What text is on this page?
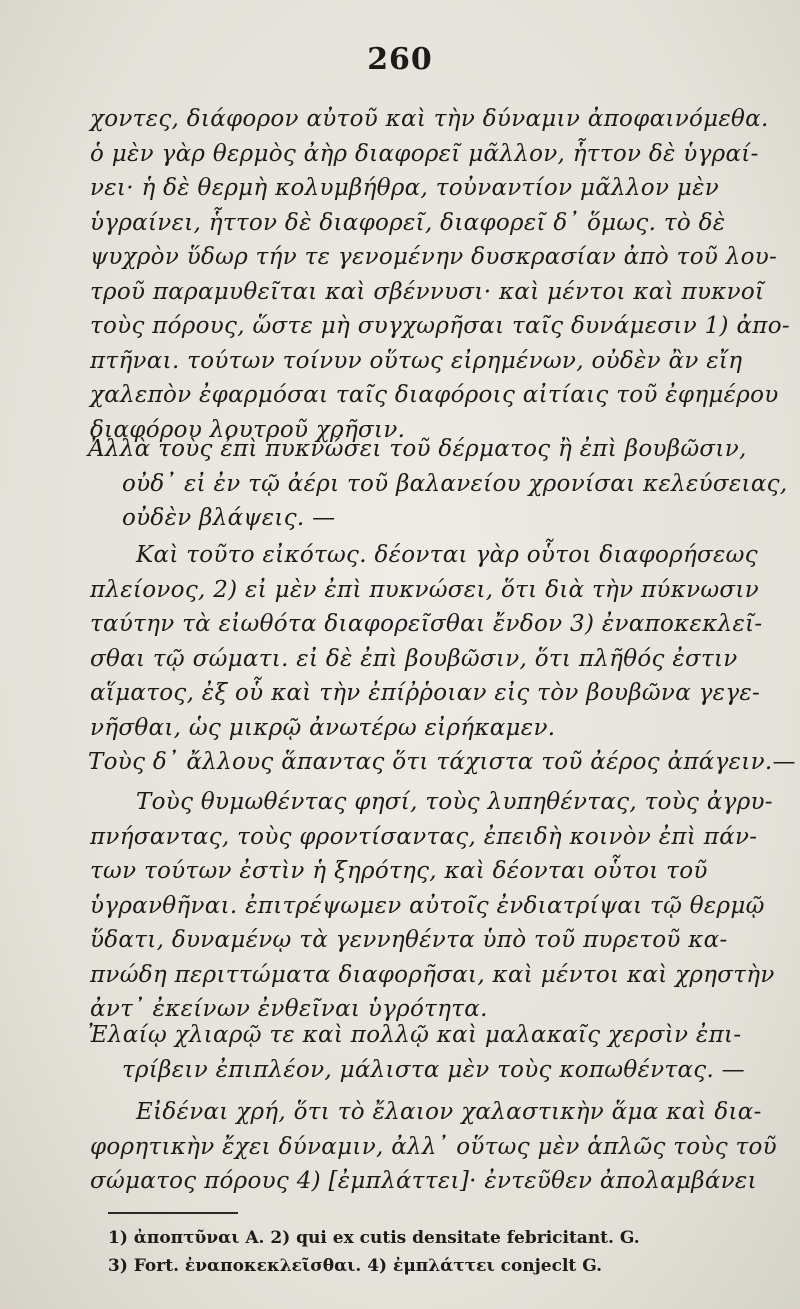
260
χοντες, διάφορον αὐτοῦ καὶ τὴν δύναμιν ἀποφαινόμεθα.
ὁ μὲν γὰρ θερμὸς ἀὴρ διαφορεῖ μᾶλλον, ἧττον δὲ ὑγραί-
νει· ἡ δὲ θερμὴ κολυμβήθρα, τοὐναντίον μᾶλλον μὲν
ὑγραίνει, ἧττον δὲ διαφορεῖ, διαφορεῖ δ᾽ ὅμως. τὸ δὲ
ψυχρὸν ὕδωρ τήν τε γενομένην δυσκρασίαν ἀπὸ τοῦ λου-
τροῦ παραμυθεῖται καὶ σβέννυσι· καὶ μέντοι καὶ πυκνοῖ
τοὺς πόρους, ὥστε μὴ συγχωρῆσαι ταῖς δυνάμεσιν 1) ἀπο-
πτῆναι. τούτων τοίνυν οὕτως εἰρημένων, οὐδὲν ἂν εἴη
χαλεπὸν ἐφαρμόσαι ταῖς διαφόροις αἰτίαις τοῦ ἐφημέρου
διαφόρου λουτροῦ χρῆσιν.
Ἀλλὰ τοὺς ἐπὶ πυκνώσει τοῦ δέρματος ἢ ἐπὶ βουβῶσιν,
οὐδ᾽ εἰ ἐν τῷ ἀέρι τοῦ βαλανείου χρονίσαι κελεύσειας,
οὐδὲν βλάψεις. —
Καὶ τοῦτο εἰκότως. δέονται γὰρ οὗτοι διαφορήσεως
πλείονος, 2) εἰ μὲν ἐπὶ πυκνώσει, ὅτι διὰ τὴν πύκνωσιν
ταύτην τὰ εἰωθότα διαφορεῖσθαι ἔνδον 3) ἐναποκεκλεῖ-
σθαι τῷ σώματι. εἰ δὲ ἐπὶ βουβῶσιν, ὅτι πλῆθός ἐστιν
αἵματος, ἐξ οὗ καὶ τὴν ἐπίῤῥοιαν εἰς τὸν βουβῶνα γεγε-
νῆσθαι, ὡς μικρῷ ἀνωτέρω εἰρήκαμεν.
Τοὺς δ᾽ ἄλλους ἅπαντας ὅτι τάχιστα τοῦ ἀέρος ἀπάγειν.—
Τοὺς θυμωθέντας φησί, τοὺς λυπηθέντας, τοὺς ἀγρυ-
πνήσαντας, τοὺς φροντίσαντας, ἐπειδὴ κοινὸν ἐπὶ πάν-
των τούτων ἐστὶν ἡ ξηρότης, καὶ δέονται οὗτοι τοῦ
ὑγρανθῆναι. ἐπιτρέψωμεν αὐτοῖς ἐνδιατρίψαι τῷ θερμῷ
ὕδατι, δυναμένῳ τὰ γεννηθέντα ὑπὸ τοῦ πυρετοῦ κα-
πνώδη περιττώματα διαφορῆσαι, καὶ μέντοι καὶ χρηστὴν
ἀντ᾽ ἐκείνων ἐνθεῖναι ὑγρότητα.
Ἐλαίῳ χλιαρῷ τε καὶ πολλῷ καὶ μαλακαῖς χερσὶν ἐπι-
τρίβειν ἐπιπλέον, μάλιστα μὲν τοὺς κοπωθέντας. —
Εἰδέναι χρή, ὅτι τὸ ἔλαιον χαλαστικὴν ἅμα καὶ δια-
φορητικὴν ἔχει δύναμιν, ἀλλ᾽ οὕτως μὲν ἁπλῶς τοὺς τοῦ
σώματος πόρους 4) [ἐμπλάττει]· ἐντεῦθεν ἀπολαμβάνει
1) ἀποπτῦναι A. 2) qui ex cutis densitate febricitant. G.
3) Fort. ἐναποκεκλεῖσθαι. 4) ἐμπλάττει conjeclt G.
